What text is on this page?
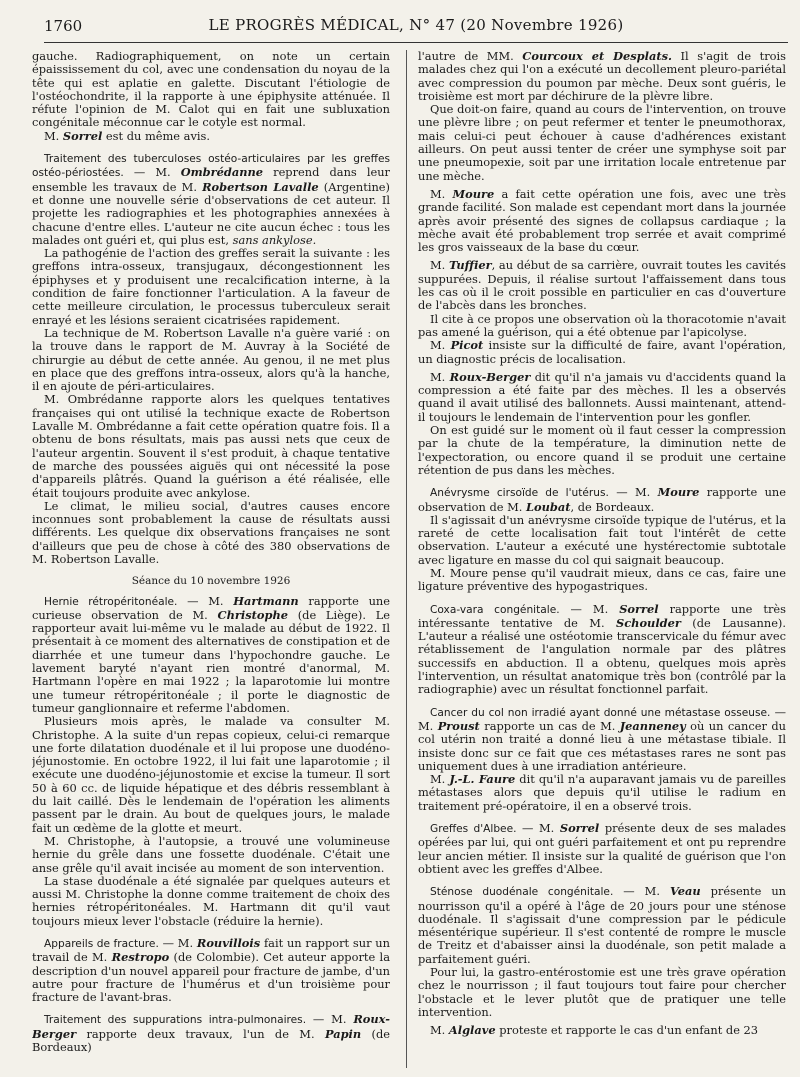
1760	LE PROGRÈS MÉDICAL, N° 47 (20 Novembre 1926)

gauche. Radiographiquement, on note un certain épaississement du col, avec une condensation du noyau de la tête qui est aplatie en galette. Discutant l'étiologie de l'ostéochondrite, il la rapporte à une épiphysite atténuée. Il réfute l'opinion de M. Calot qui en fait une subluxation congénitale méconnue car le cotyle est normal.

M. Sorrel est du même avis.

Traitement des tuberculoses ostéo-articulaires par les greffes ostéo-périostées. — M. Ombrédanne reprend dans leur ensemble les travaux de M. Robertson Lavalle (Argentine) et donne une nouvelle série d'observations de cet auteur. Il projette les radiographies et les photographies annexées à chacune d'entre elles. L'auteur ne cite aucun échec : tous les malades ont guéri et, qui plus est, sans ankylose.

La pathogénie de l'action des greffes serait la suivante : les greffons intra-osseux, transjugaux, décongestionnent les épiphyses et y produisent une recalcification interne, à la condition de faire fonctionner l'articulation. A la faveur de cette meilleure circulation, le processus tuberculeux serait enrayé et les lésions seraient cicatrisées rapidement.

La technique de M. Robertson Lavalle n'a guère varié : on la trouve dans le rapport de M. Auvray à la Société de chirurgie au début de cette année. Au genou, il ne met plus en place que des greffons intra-osseux, alors qu'à la hanche, il en ajoute de péri-articulaires.

M. Ombrédanne rapporte alors les quelques tentatives françaises qui ont utilisé la technique exacte de Robertson Lavalle M. Ombrédanne a fait cette opération quatre fois. Il a obtenu de bons résultats, mais pas aussi nets que ceux de l'auteur argentin. Souvent il s'est produit, à chaque tentative de marche des poussées aiguës qui ont nécessité la pose d'appareils plâtrés. Quand la guérison a été réalisée, elle était toujours produite avec ankylose.

Le climat, le milieu social, d'autres causes encore inconnues sont probablement la cause de résultats aussi différents. Les quelque dix observations françaises ne sont d'ailleurs que peu de chose à côté des 380 observations de M. Robertson Lavalle.

Séance du 10 novembre 1926

Hernie rétropéritonéale. — M. Hartmann rapporte une curieuse observation de M. Christophe (de Liège). Le rapporteur avait lui-même vu le malade au début de 1922. Il présentait à ce moment des alternatives de constipation et de diarrhée et une tumeur dans l'hypochondre gauche. Le lavement baryté n'ayant rien montré d'anormal, M. Hartmann l'opère en mai 1922 ; la laparotomie lui montre une tumeur rétropéritonéale ; il porte le diagnostic de tumeur ganglionnaire et referme l'abdomen.

Plusieurs mois après, le malade va consulter M. Christophe. A la suite d'un repas copieux, celui-ci remarque une forte dilatation duodénale et il lui propose une duodéno-jéjunostomie. En octobre 1922, il lui fait une laparotomie ; il exécute une duodéno-jéjunostomie et excise la tumeur. Il sort 50 à 60 cc. de liquide hépatique et des débris ressemblant à du lait caillé. Dès le lendemain de l'opération les aliments passent par le drain. Au bout de quelques jours, le malade fait un œdème de la glotte et meurt.

M. Christophe, à l'autopsie, a trouvé une volumineuse hernie du grêle dans une fossette duodénale. C'était une anse grêle qu'il avait incisée au moment de son intervention.

La stase duodénale a été signalée par quelques auteurs et aussi M. Christophe la donne comme traitement de choix des hernies rétropéritonéales. M. Hartmann dit qu'il vaut toujours mieux lever l'obstacle (réduire la hernie).

Appareils de fracture. — M. Rouvillois fait un rapport sur un travail de M. Restropo (de Colombie). Cet auteur apporte la description d'un nouvel appareil pour fracture de jambe, d'un autre pour fracture de l'humérus et d'un troisième pour fracture de l'avant-bras.

Traitement des suppurations intra-pulmonaires. — M. Roux-Berger rapporte deux travaux, l'un de M. Papin (de Bordeaux)

l'autre de MM. Courcoux et Desplats. Il s'agit de trois malades chez qui l'on a exécuté un decollement pleuro-pariétal avec compression du poumon par mèche. Deux sont guéris, le troisième est mort par déchirure de la plèvre libre.

Que doit-on faire, quand au cours de l'intervention, on trouve une plèvre libre ; on peut refermer et tenter le pneumothorax, mais celui-ci peut échouer à cause d'adhérences existant ailleurs. On peut aussi tenter de créer une symphyse soit par une pneumopexie, soit par une irritation locale entretenue par une mèche.

M. Moure a fait cette opération une fois, avec une très grande facilité. Son malade est cependant mort dans la journée après avoir présenté des signes de collapsus cardiaque ; la mèche avait été probablement trop serrée et avait comprimé les gros vaisseaux de la base du cœur.

M. Tuffier, au début de sa carrière, ouvrait toutes les cavités suppurées. Depuis, il réalise surtout l'affaissement dans tous les cas où il le croit possible en particulier en cas d'ouverture de l'abcès dans les bronches.

Il cite à ce propos une observation où la thoracotomie n'avait pas amené la guérison, qui a été obtenue par l'apicolyse.

M. Picot insiste sur la difficulté de faire, avant l'opération, un diagnostic précis de localisation.

M. Roux-Berger dit qu'il n'a jamais vu d'accidents quand la compression a été faite par des mèches. Il les a observés quand il avait utilisé des ballonnets. Aussi maintenant, attend-il toujours le lendemain de l'intervention pour les gonfler.

On est guidé sur le moment où il faut cesser la compression par la chute de la température, la diminution nette de l'expectoration, ou encore quand il se produit une certaine rétention de pus dans les mèches.

Anévrysme cirsoïde de l'utérus. — M. Moure rapporte une observation de M. Loubat, de Bordeaux.

Il s'agissait d'un anévrysme cirsoïde typique de l'utérus, et la rareté de cette localisation fait tout l'intérêt de cette observation. L'auteur a exécuté une hystérectomie subtotale avec ligature en masse du col qui saignait beaucoup.

M. Moure pense qu'il vaudrait mieux, dans ce cas, faire une ligature préventive des hypogastriques.

Coxa-vara congénitale. — M. Sorrel rapporte une très intéressante tentative de M. Schoulder (de Lausanne). L'auteur a réalisé une ostéotomie transcervicale du fémur avec rétablissement de l'angulation normale par des plâtres successifs en abduction. Il a obtenu, quelques mois après l'intervention, un résultat anatomique très bon (contrôlé par la radiographie) avec un résultat fonctionnel parfait.

Cancer du col non irradié ayant donné une métastase osseuse. — M. Proust rapporte un cas de M. Jeanneney où un cancer du col utérin non traité a donné lieu à une métastase tibiale. Il insiste donc sur ce fait que ces métastases rares ne sont pas uniquement dues à une irradiation antérieure.

M. J.-L. Faure dit qu'il n'a auparavant jamais vu de pareilles métastases alors que depuis qu'il utilise le radium en traitement pré-opératoire, il en a observé trois.

Greffes d'Albee. — M. Sorrel présente deux de ses malades opérées par lui, qui ont guéri parfaitement et ont pu reprendre leur ancien métier. Il insiste sur la qualité de guérison que l'on obtient avec les greffes d'Albee.

Sténose duodénale congénitale. — M. Veau présente un nourrisson qu'il a opéré à l'âge de 20 jours pour une sténose duodénale. Il s'agissait d'une compression par le pédicule mésentérique supérieur. Il s'est contenté de rompre le muscle de Treitz et d'abaisser ainsi la duodénale, son petit malade a parfaitement guéri.

Pour lui, la gastro-entérostomie est une très grave opération chez le nourrisson ; il faut toujours tout faire pour chercher l'obstacle et le lever plutôt que de pratiquer une telle intervention.

M. Alglave proteste et rapporte le cas d'un enfant de 23
